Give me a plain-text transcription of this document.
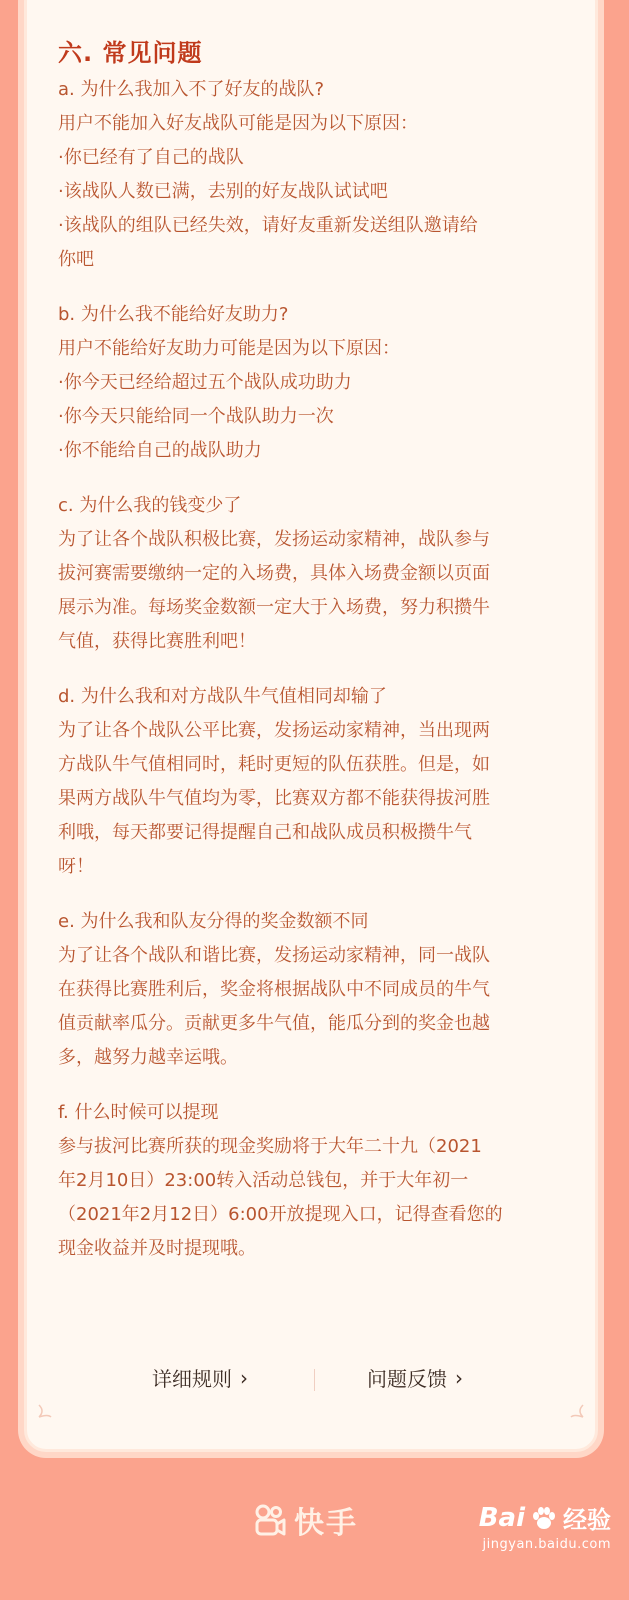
六. 常见问题
a. 为什么我加入不了好友的战队?
用户不能加入好友战队可能是因为以下原因：
·你已经有了自己的战队
·该战队人数已满，去别的好友战队试试吧
·该战队的组队已经失效，请好友重新发送组队邀请给
你吧
b. 为什么我不能给好友助力?
用户不能给好友助力可能是因为以下原因：
·你今天已经给超过五个战队成功助力
·你今天只能给同一个战队助力一次
·你不能给自己的战队助力
c. 为什么我的钱变少了
为了让各个战队积极比赛，发扬运动家精神，战队参与
拔河赛需要缴纳一定的入场费，具体入场费金额以页面
展示为准。每场奖金数额一定大于入场费，努力积攒牛
气值，获得比赛胜利吧！
d. 为什么我和对方战队牛气值相同却输了
为了让各个战队公平比赛，发扬运动家精神，当出现两
方战队牛气值相同时，耗时更短的队伍获胜。但是，如
果两方战队牛气值均为零，比赛双方都不能获得拔河胜
利哦，每天都要记得提醒自己和战队成员积极攒牛气
呀！
e. 为什么我和队友分得的奖金数额不同
为了让各个战队和谐比赛，发扬运动家精神，同一战队
在获得比赛胜利后，奖金将根据战队中不同成员的牛气
值贡献率瓜分。贡献更多牛气值，能瓜分到的奖金也越
多，越努力越幸运哦。
f. 什么时候可以提现
参与拔河比赛所获的现金奖励将于大年二十九（2021
年2月10日）23:00转入活动总钱包，并于大年初一
（2021年2月12日）6:00开放提现入口，记得查看您的
现金收益并及时提现哦。
详细规则 ›	问题反馈 ›
快手	Bai 经验
jingyan.baidu.com
